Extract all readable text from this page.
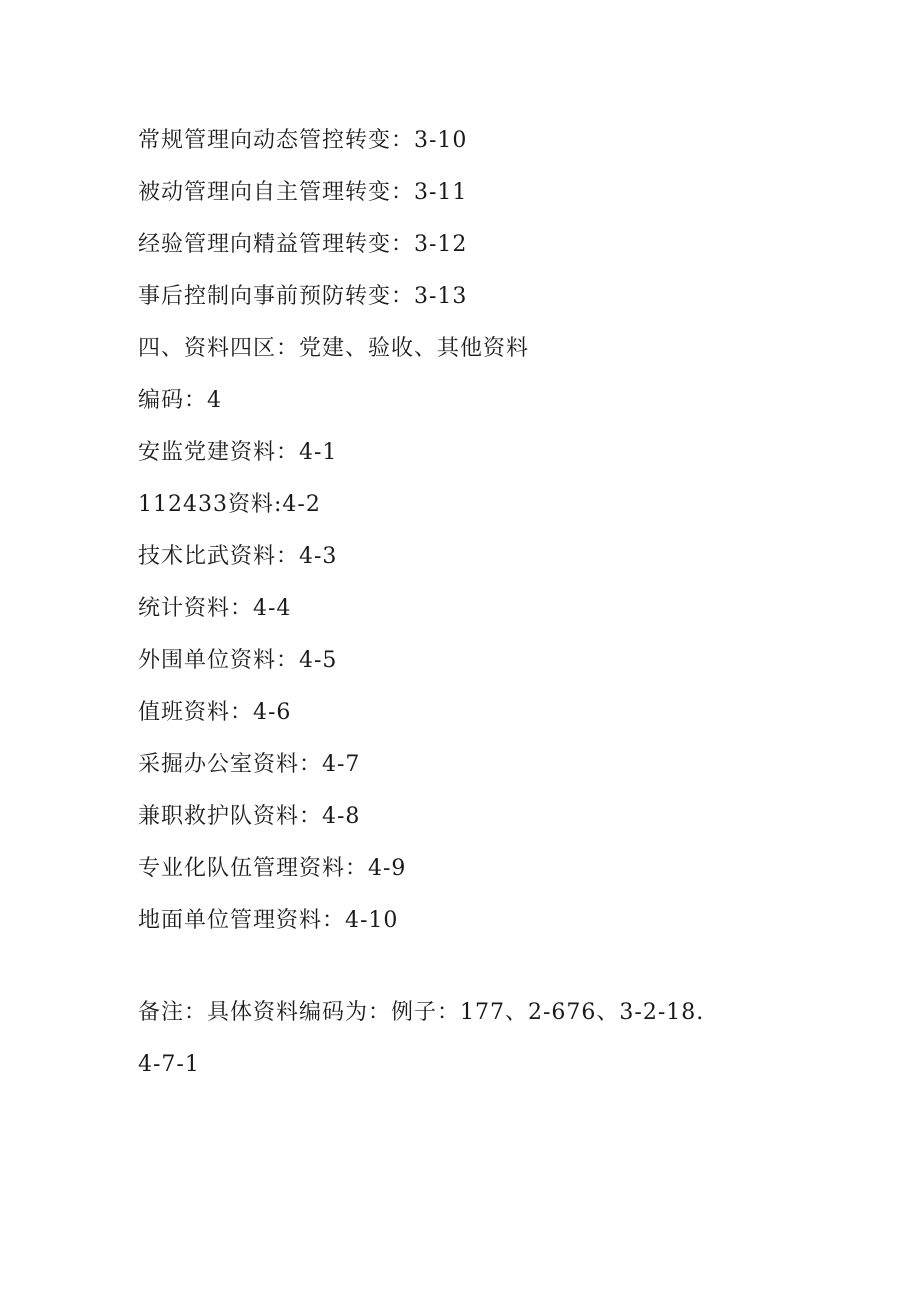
常规管理向动态管控转变：3-10
被动管理向自主管理转变：3-11
经验管理向精益管理转变：3-12
事后控制向事前预防转变：3-13
四、资料四区：党建、验收、其他资料
编码：4
安监党建资料：4-1
112433资料:4-2
技术比武资料：4-3
统计资料：4-4
外围单位资料：4-5
值班资料：4-6
采掘办公室资料：4-7
兼职救护队资料：4-8
专业化队伍管理资料：4-9
地面单位管理资料：4-10
备注：具体资料编码为：例子：177、2-676、3-2-18.
4-7-1
